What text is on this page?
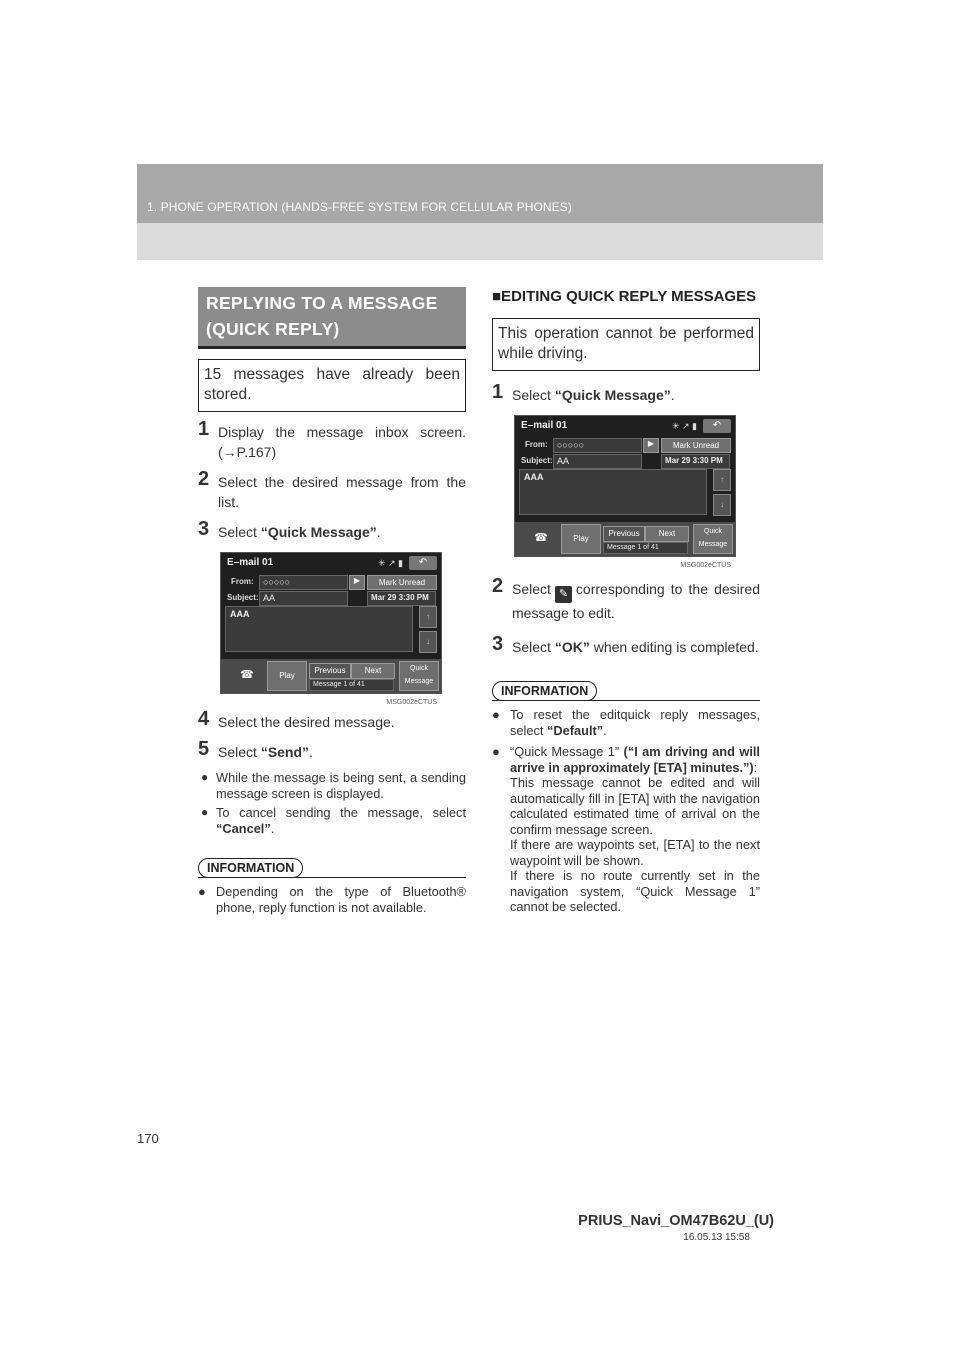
1. PHONE OPERATION (HANDS-FREE SYSTEM FOR CELLULAR PHONES)
REPLYING TO A MESSAGE (QUICK REPLY)
15 messages have already been stored.
1 Display the message inbox screen. (→P.167)
2 Select the desired message from the list.
3 Select “Quick Message”.
E–mail 01	✳ ↗ ▮	↶
From:	○○○○○	▶	Mark Unread
Subject: AA	Mar 29 3:30 PM
AAA	↑
↓
☎	Play
Previous	Next
Message 1 of 41
Quick Message
MSG002eCTUS
4 Select the desired message.
5 Select “Send”.
● While the message is being sent, a sending message screen is displayed.
● To cancel sending the message, select “Cancel”.
INFORMATION
● Depending on the type of Bluetooth® phone, reply function is not available.
■EDITING QUICK REPLY MESSAGES
This operation cannot be performed while driving.
1 Select “Quick Message”.
E–mail 01	✳ ↗ ▮	↶
From:	○○○○○	▶	Mark Unread
Subject: AA	Mar 29 3:30 PM
AAA	↑
↓
☎	Play
Previous	Next
Message 1 of 41
Quick Message
MSG002eCTUS
2 Select ✎ corresponding to the desired message to edit.
3 Select “OK” when editing is completed.
INFORMATION
● To reset the editquick reply messages, select “Default”.
● “Quick Message 1” (“I am driving and will arrive in approximately [ETA] minutes.”):
This message cannot be edited and will automatically fill in [ETA] with the navigation calculated estimated time of arrival on the confirm message screen.
If there are waypoints set, [ETA] to the next waypoint will be shown.
If there is no route currently set in the navigation system, “Quick Message 1” cannot be selected.
170
PRIUS_Navi_OM47B62U_(U)
16.05.13 15:58
